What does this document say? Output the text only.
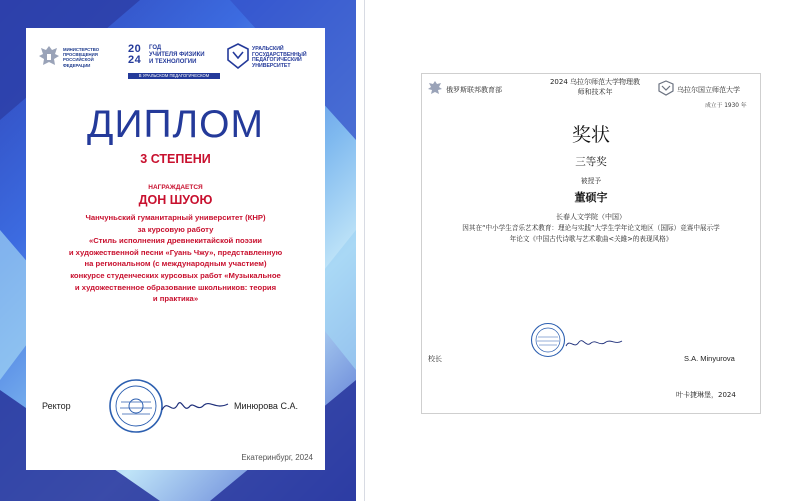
МИНИСТЕРСТВО
ПРОСВЕЩЕНИЯ
РОССИЙСКОЙ
ФЕДЕРАЦИИ
20
24
ГОД
УЧИТЕЛЯ ФИЗИКИ
И ТЕХНОЛОГИИ
В УРАЛЬСКОМ ПЕДАГОГИЧЕСКОМ
УРАЛЬСКИЙ ГОСУДАРСТВЕННЫЙ
ПЕДАГОГИЧЕСКИЙ
УНИВЕРСИТЕТ
ДИПЛОМ
3 СТЕПЕНИ
НАГРАЖДАЕТСЯ
ДОН ШУОЮ
Чанчуньский гуманитарный университет (КНР)
за курсовую работу
«Стиль исполнения древнекитайской поэзии
и художественной песни «Гуань Чжу», представленную
на региональном (с международным участием)
конкурсе студенческих курсовых работ «Музыкальное
и художественное образование школьников: теория
и практика»
Ректор	Минюрова С.А.
Екатеринбург, 2024
俄罗斯联邦教育部
2024 乌拉尔师范大学物理教
师和技术年	乌拉尔国立师范大学
成立于 1930 年
奖状
三等奖
被授予
董硕宇
长春人文学院（中国）
因其在“中小学生音乐艺术教育：理论与实践”大学生学年论文地区（国际）竞赛中展示学
年论文《中国古代诗歌与艺术歌曲<关雎>的表现风格》
校长	S.A. Minyurova
叶卡捷琳堡，2024
